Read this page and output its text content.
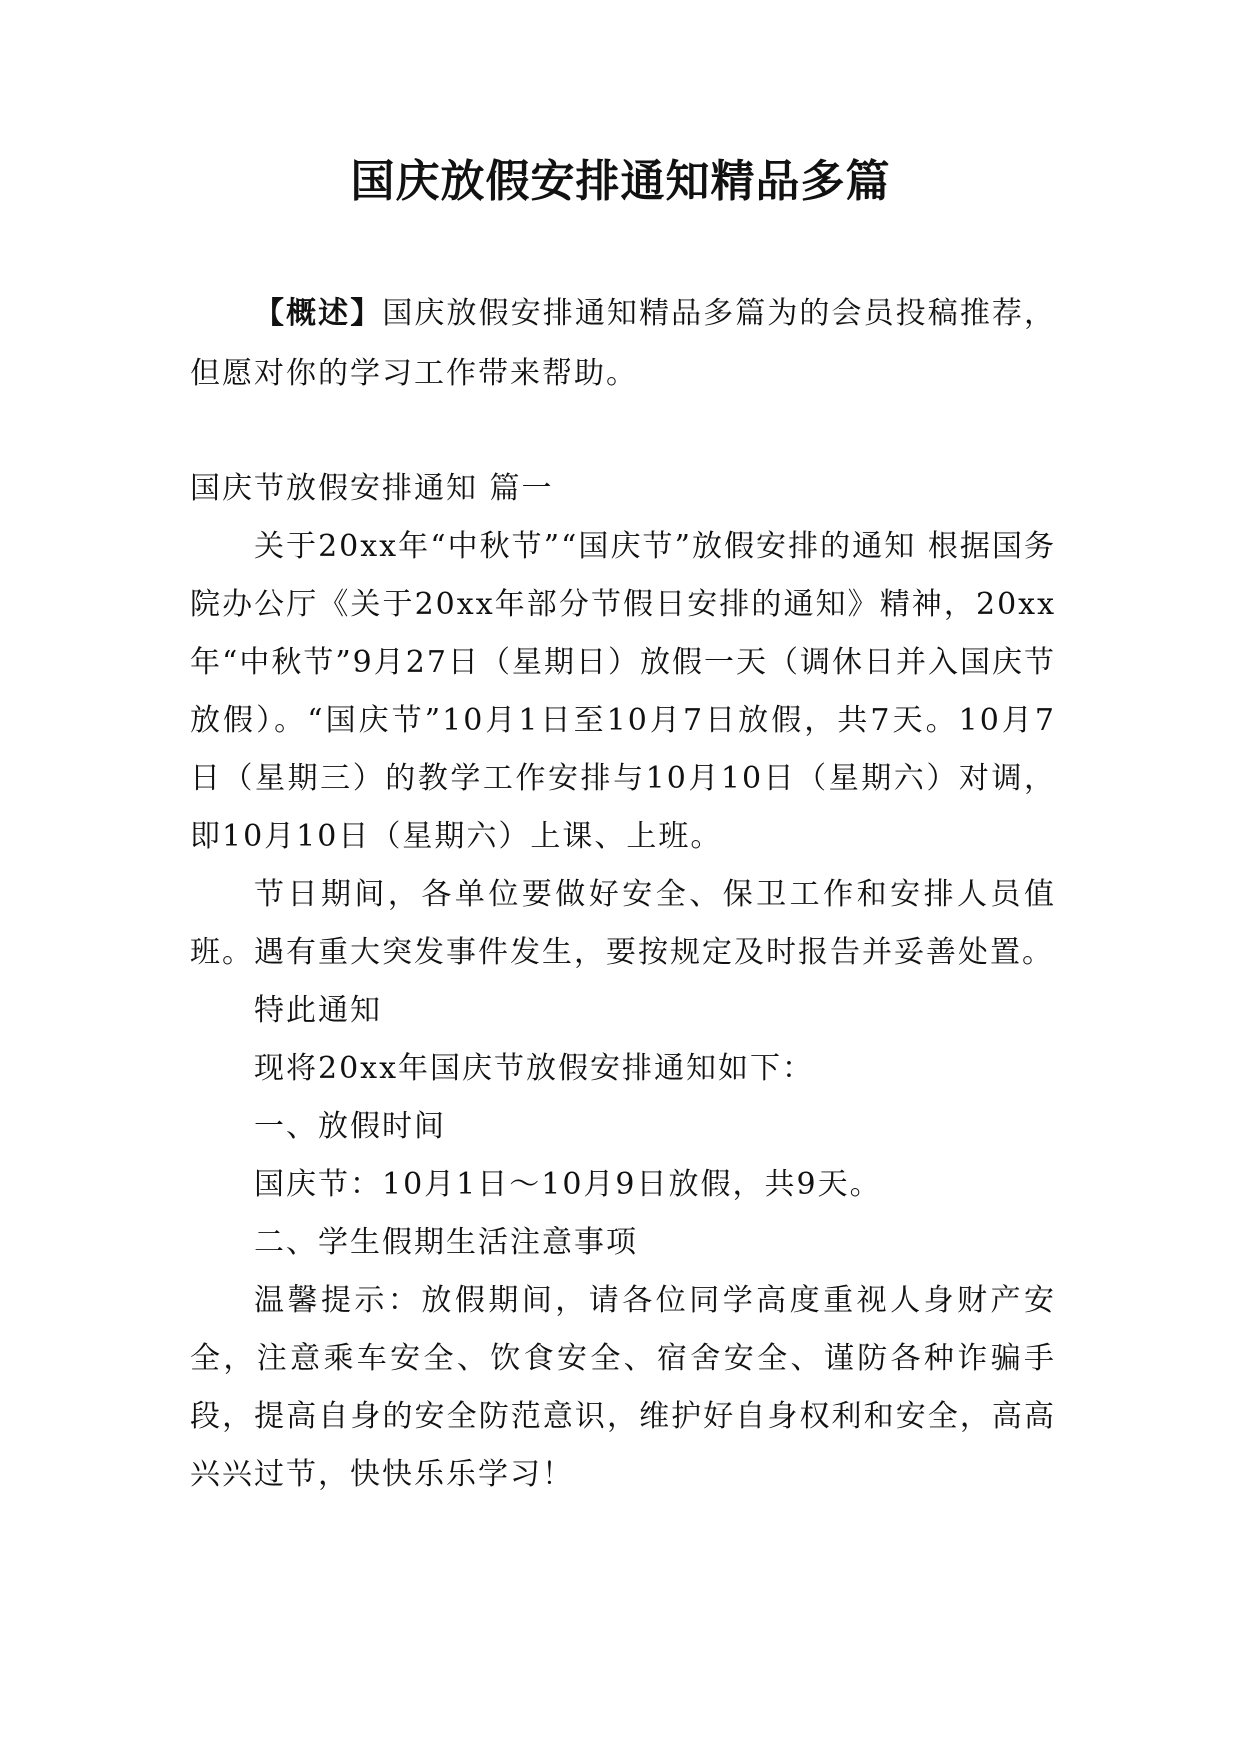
国庆放假安排通知精品多篇

【概述】国庆放假安排通知精品多篇为的会员投稿推荐，但愿对你的学习工作带来帮助。

国庆节放假安排通知 篇一

关于20xx年“中秋节”“国庆节”放假安排的通知 根据国务院办公厅《关于20xx年部分节假日安排的通知》精神，20xx年“中秋节”9月27日（星期日）放假一天（调休日并入国庆节放假）。“国庆节”10月1日至10月7日放假，共7天。10月7日（星期三）的教学工作安排与10月10日（星期六）对调，即10月10日（星期六）上课、上班。

节日期间，各单位要做好安全、保卫工作和安排人员值班。遇有重大突发事件发生，要按规定及时报告并妥善处置。

特此通知

现将20xx年国庆节放假安排通知如下：

一、放假时间

国庆节：10月1日～10月9日放假，共9天。

二、学生假期生活注意事项

温馨提示：放假期间，请各位同学高度重视人身财产安全，注意乘车安全、饮食安全、宿舍安全、谨防各种诈骗手段，提高自身的安全防范意识，维护好自身权利和安全，高高兴兴过节，快快乐乐学习！
